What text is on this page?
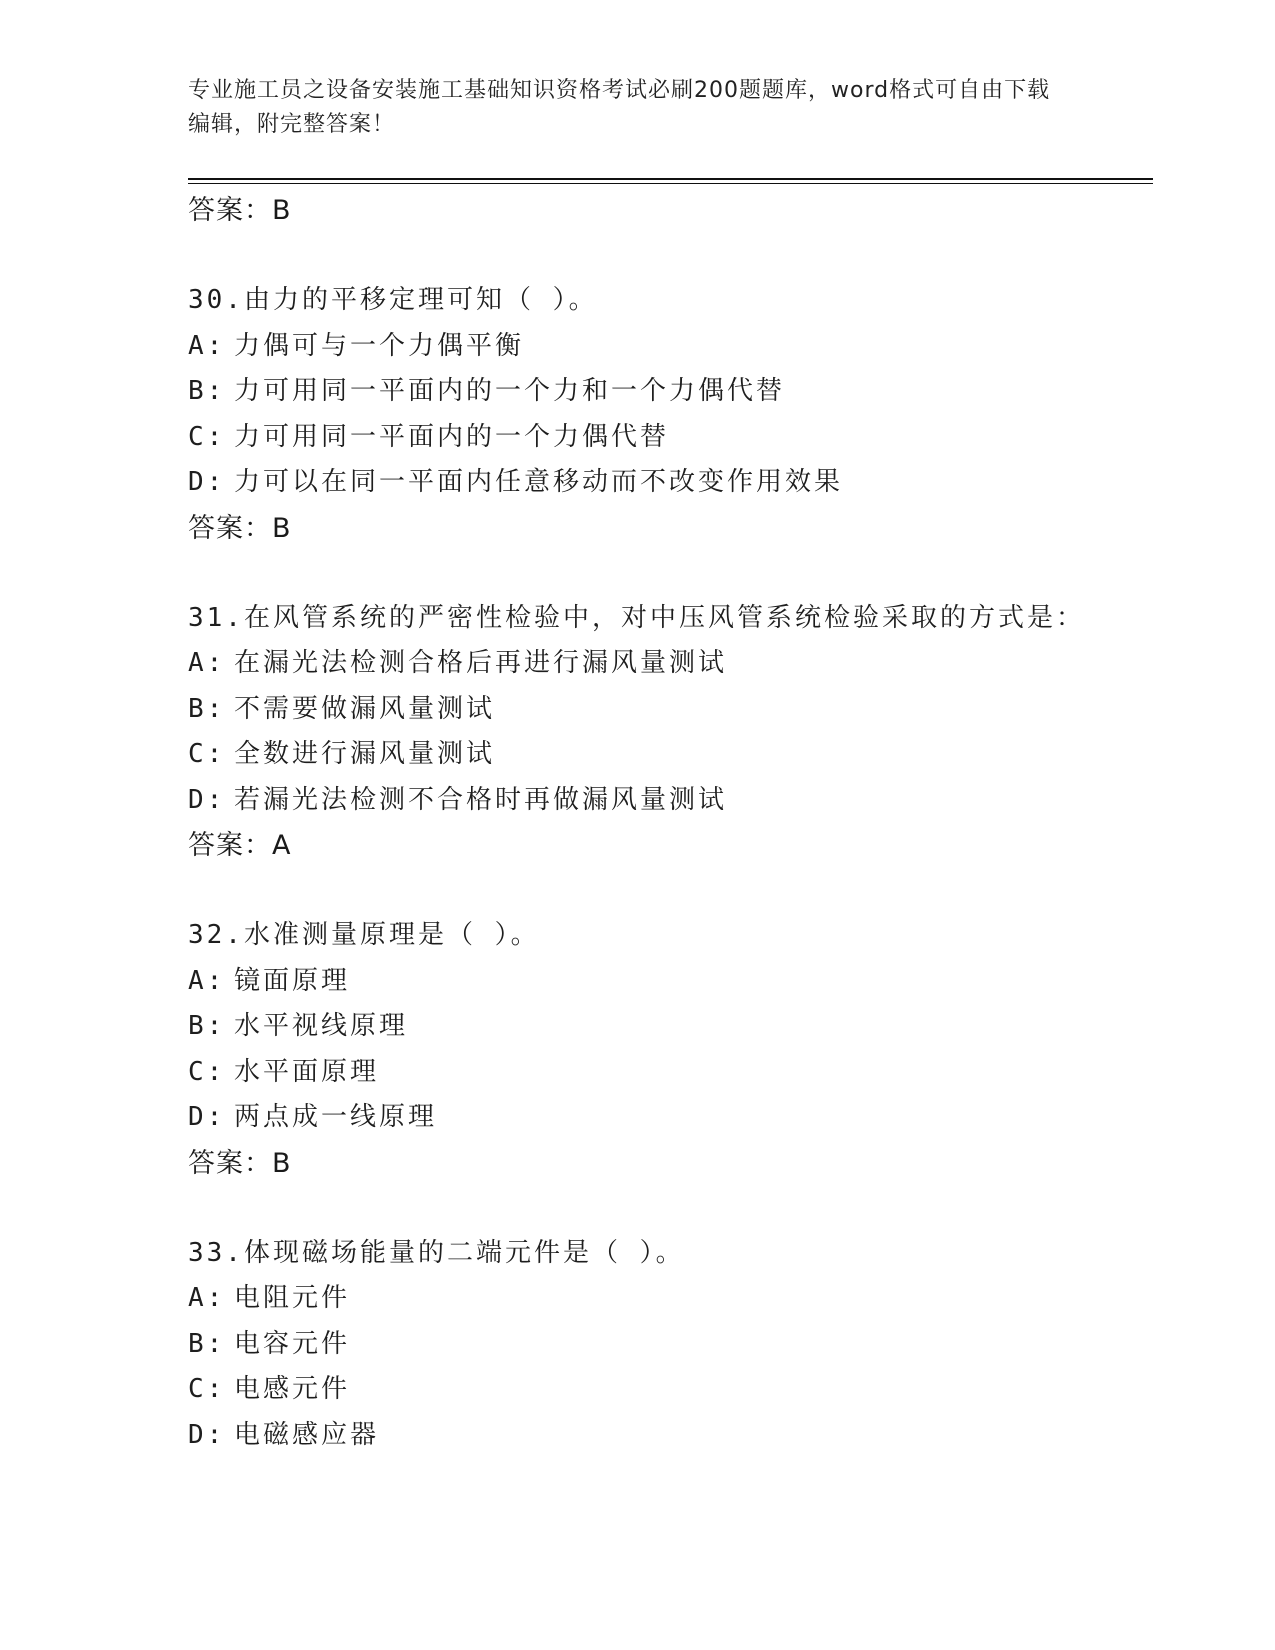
专业施工员之设备安装施工基础知识资格考试必刷200题题库，word格式可自由下载编辑，附完整答案！
答案：B
30.由力的平移定理可知（ ）。
A: 力偶可与一个力偶平衡
B: 力可用同一平面内的一个力和一个力偶代替
C: 力可用同一平面内的一个力偶代替
D: 力可以在同一平面内任意移动而不改变作用效果
答案：B
31.在风管系统的严密性检验中，对中压风管系统检验采取的方式是：
A: 在漏光法检测合格后再进行漏风量测试
B: 不需要做漏风量测试
C: 全数进行漏风量测试
D: 若漏光法检测不合格时再做漏风量测试
答案：A
32.水准测量原理是（ ）。
A: 镜面原理
B: 水平视线原理
C: 水平面原理
D: 两点成一线原理
答案：B
33.体现磁场能量的二端元件是（ ）。
A: 电阻元件
B: 电容元件
C: 电感元件
D: 电磁感应器
